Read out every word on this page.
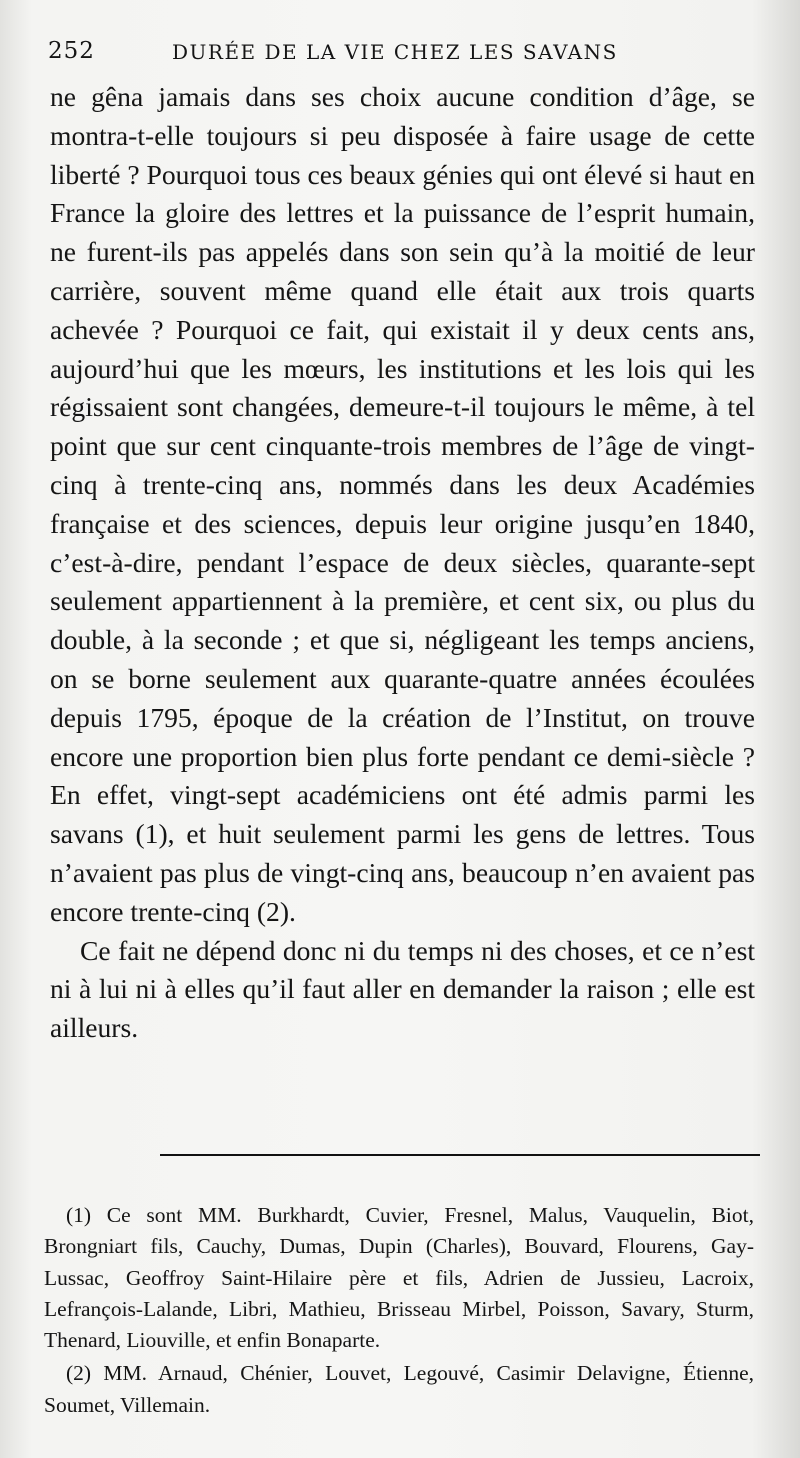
252	DURÉE DE LA VIE CHEZ LES SAVANS

ne gêna jamais dans ses choix aucune condition d’âge, se montra-t-elle toujours si peu disposée à faire usage de cette liberté ? Pourquoi tous ces beaux génies qui ont élevé si haut en France la gloire des lettres et la puissance de l’esprit humain, ne furent-ils pas appelés dans son sein qu’à la moitié de leur carrière, souvent même quand elle était aux trois quarts achevée ? Pourquoi ce fait, qui existait il y deux cents ans, aujourd’hui que les mœurs, les institutions et les lois qui les régissaient sont changées, demeure-t-il toujours le même, à tel point que sur cent cinquante-trois membres de l’âge de vingt-cinq à trente-cinq ans, nommés dans les deux Académies française et des sciences, depuis leur origine jusqu’en 1840, c’est-à-dire, pendant l’espace de deux siècles, quarante-sept seulement appartiennent à la première, et cent six, ou plus du double, à la seconde ; et que si, négligeant les temps anciens, on se borne seulement aux quarante-quatre années écoulées depuis 1795, époque de la création de l’Institut, on trouve encore une proportion bien plus forte pendant ce demi-siècle ? En effet, vingt-sept académiciens ont été admis parmi les savans (1), et huit seulement parmi les gens de lettres. Tous n’avaient pas plus de vingt-cinq ans, beaucoup n’en avaient pas encore trente-cinq (2).

Ce fait ne dépend donc ni du temps ni des choses, et ce n’est ni à lui ni à elles qu’il faut aller en demander la raison ; elle est ailleurs.

(1) Ce sont MM. Burkhardt, Cuvier, Fresnel, Malus, Vauquelin, Biot, Brongniart fils, Cauchy, Dumas, Dupin (Charles), Bouvard, Flourens, Gay-Lussac, Geoffroy Saint-Hilaire père et fils, Adrien de Jussieu, Lacroix, Lefrançois-Lalande, Libri, Mathieu, Brisseau Mirbel, Poisson, Savary, Sturm, Thenard, Liouville, et enfin Bonaparte.

(2) MM. Arnaud, Chénier, Louvet, Legouvé, Casimir Delavigne, Étienne, Soumet, Villemain.
